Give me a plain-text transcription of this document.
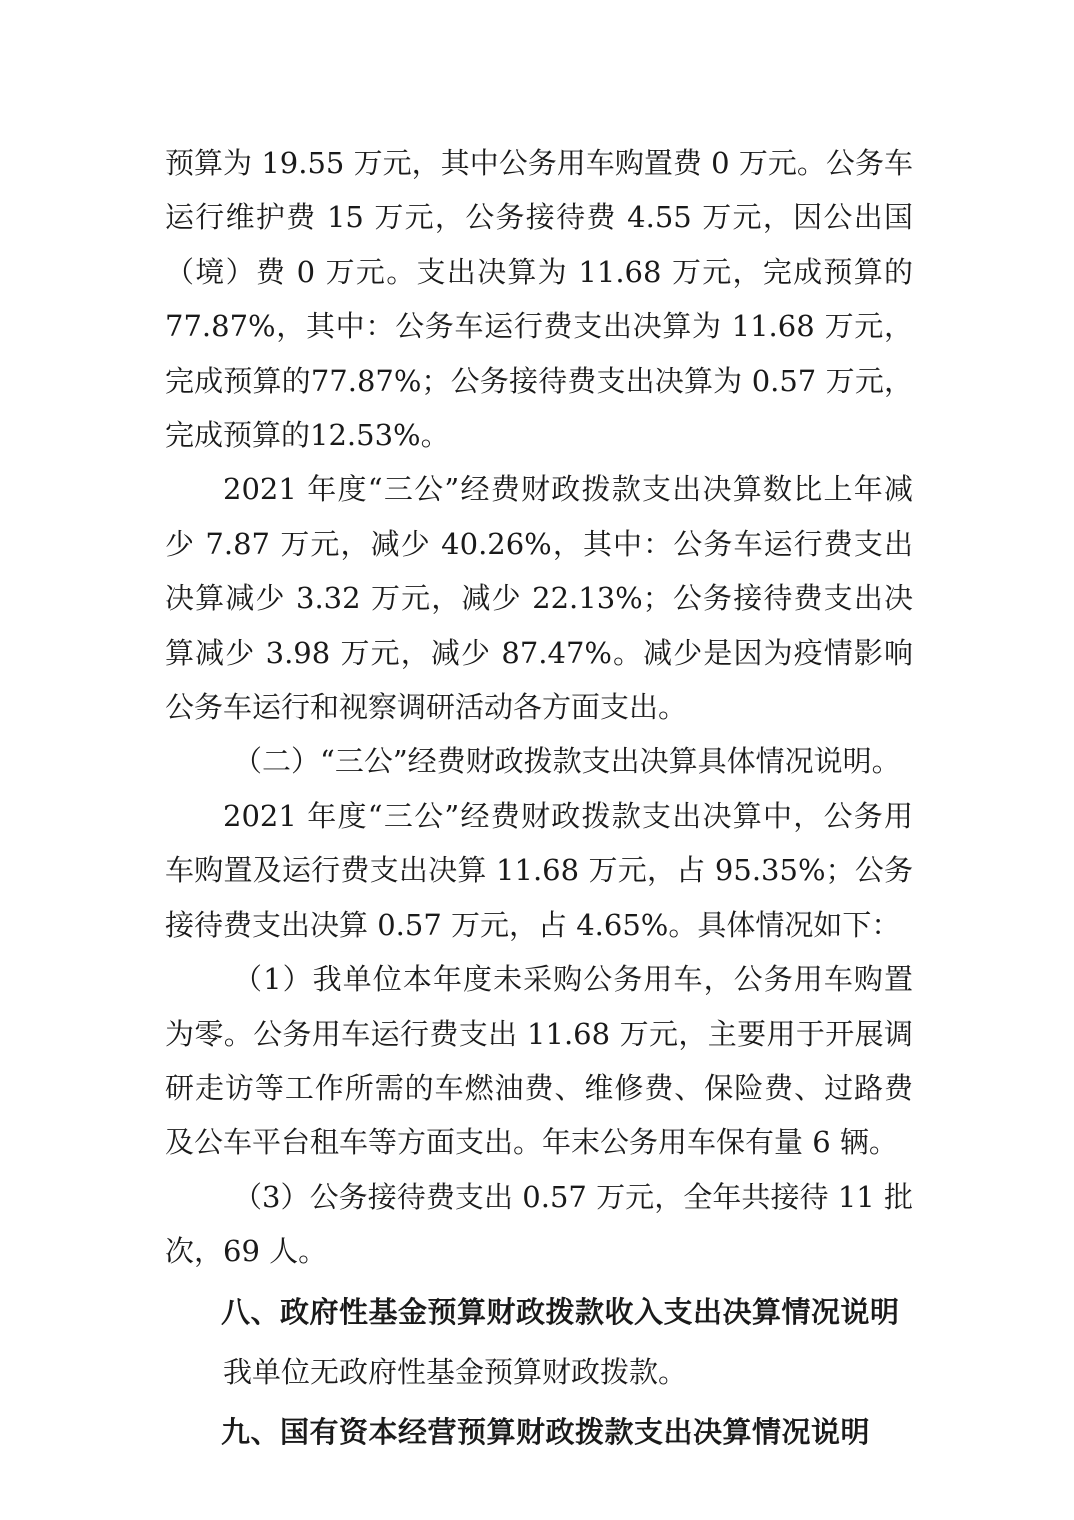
预算为 19.55 万元，其中公务用车购置费 0 万元。公务车运行维护费 15 万元，公务接待费 4.55 万元，因公出国（境）费 0 万元。支出决算为 11.68 万元，完成预算的 77.87%，其中：公务车运行费支出决算为 11.68 万元，完成预算的77.87%；公务接待费支出决算为 0.57 万元，完成预算的12.53%。

2021 年度“三公”经费财政拨款支出决算数比上年减少 7.87 万元，减少 40.26%，其中：公务车运行费支出决算减少 3.32 万元，减少 22.13%；公务接待费支出决算减少 3.98 万元，减少 87.47%。减少是因为疫情影响公务车运行和视察调研活动各方面支出。

（二）“三公”经费财政拨款支出决算具体情况说明。

2021 年度“三公”经费财政拨款支出决算中，公务用车购置及运行费支出决算 11.68 万元，占 95.35%；公务接待费支出决算 0.57 万元，占 4.65%。具体情况如下：

（1）我单位本年度未采购公务用车，公务用车购置为零。公务用车运行费支出 11.68 万元，主要用于开展调研走访等工作所需的车燃油费、维修费、保险费、过路费及公车平台租车等方面支出。年末公务用车保有量 6 辆。

（3）公务接待费支出 0.57 万元，全年共接待 11 批次，69 人。

八、政府性基金预算财政拨款收入支出决算情况说明

我单位无政府性基金预算财政拨款。

九、国有资本经营预算财政拨款支出决算情况说明
